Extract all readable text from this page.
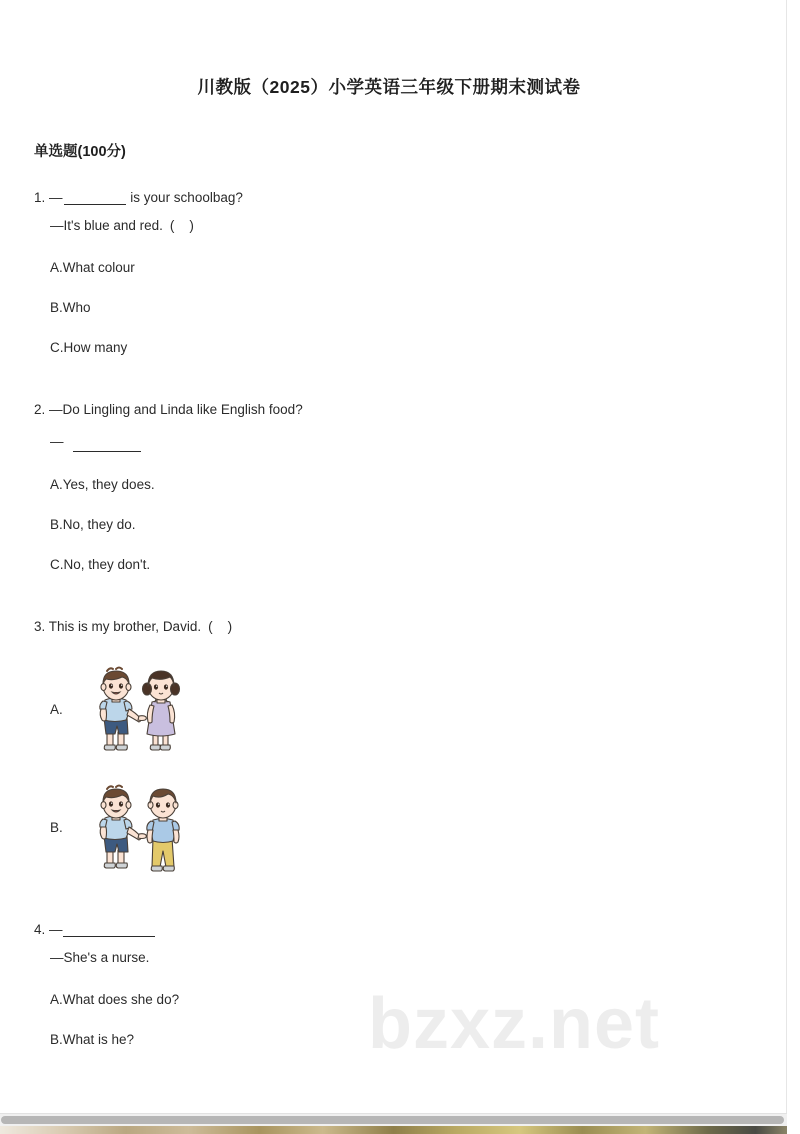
bzxz.net
川教版（2025）小学英语三年级下册期末测试卷
单选题(100分)
1. —	is your schoolbag?
—It's blue and red. ()
A.What colour
B.Who
C.How many
2. —Do Lingling and Linda like English food?
—
A.Yes, they does.
B.No, they do.
C.No, they don't.
3. This is my brother, David. ()
A.
B.
4. —
—She's a nurse.
A.What does she do?
B.What is he?
